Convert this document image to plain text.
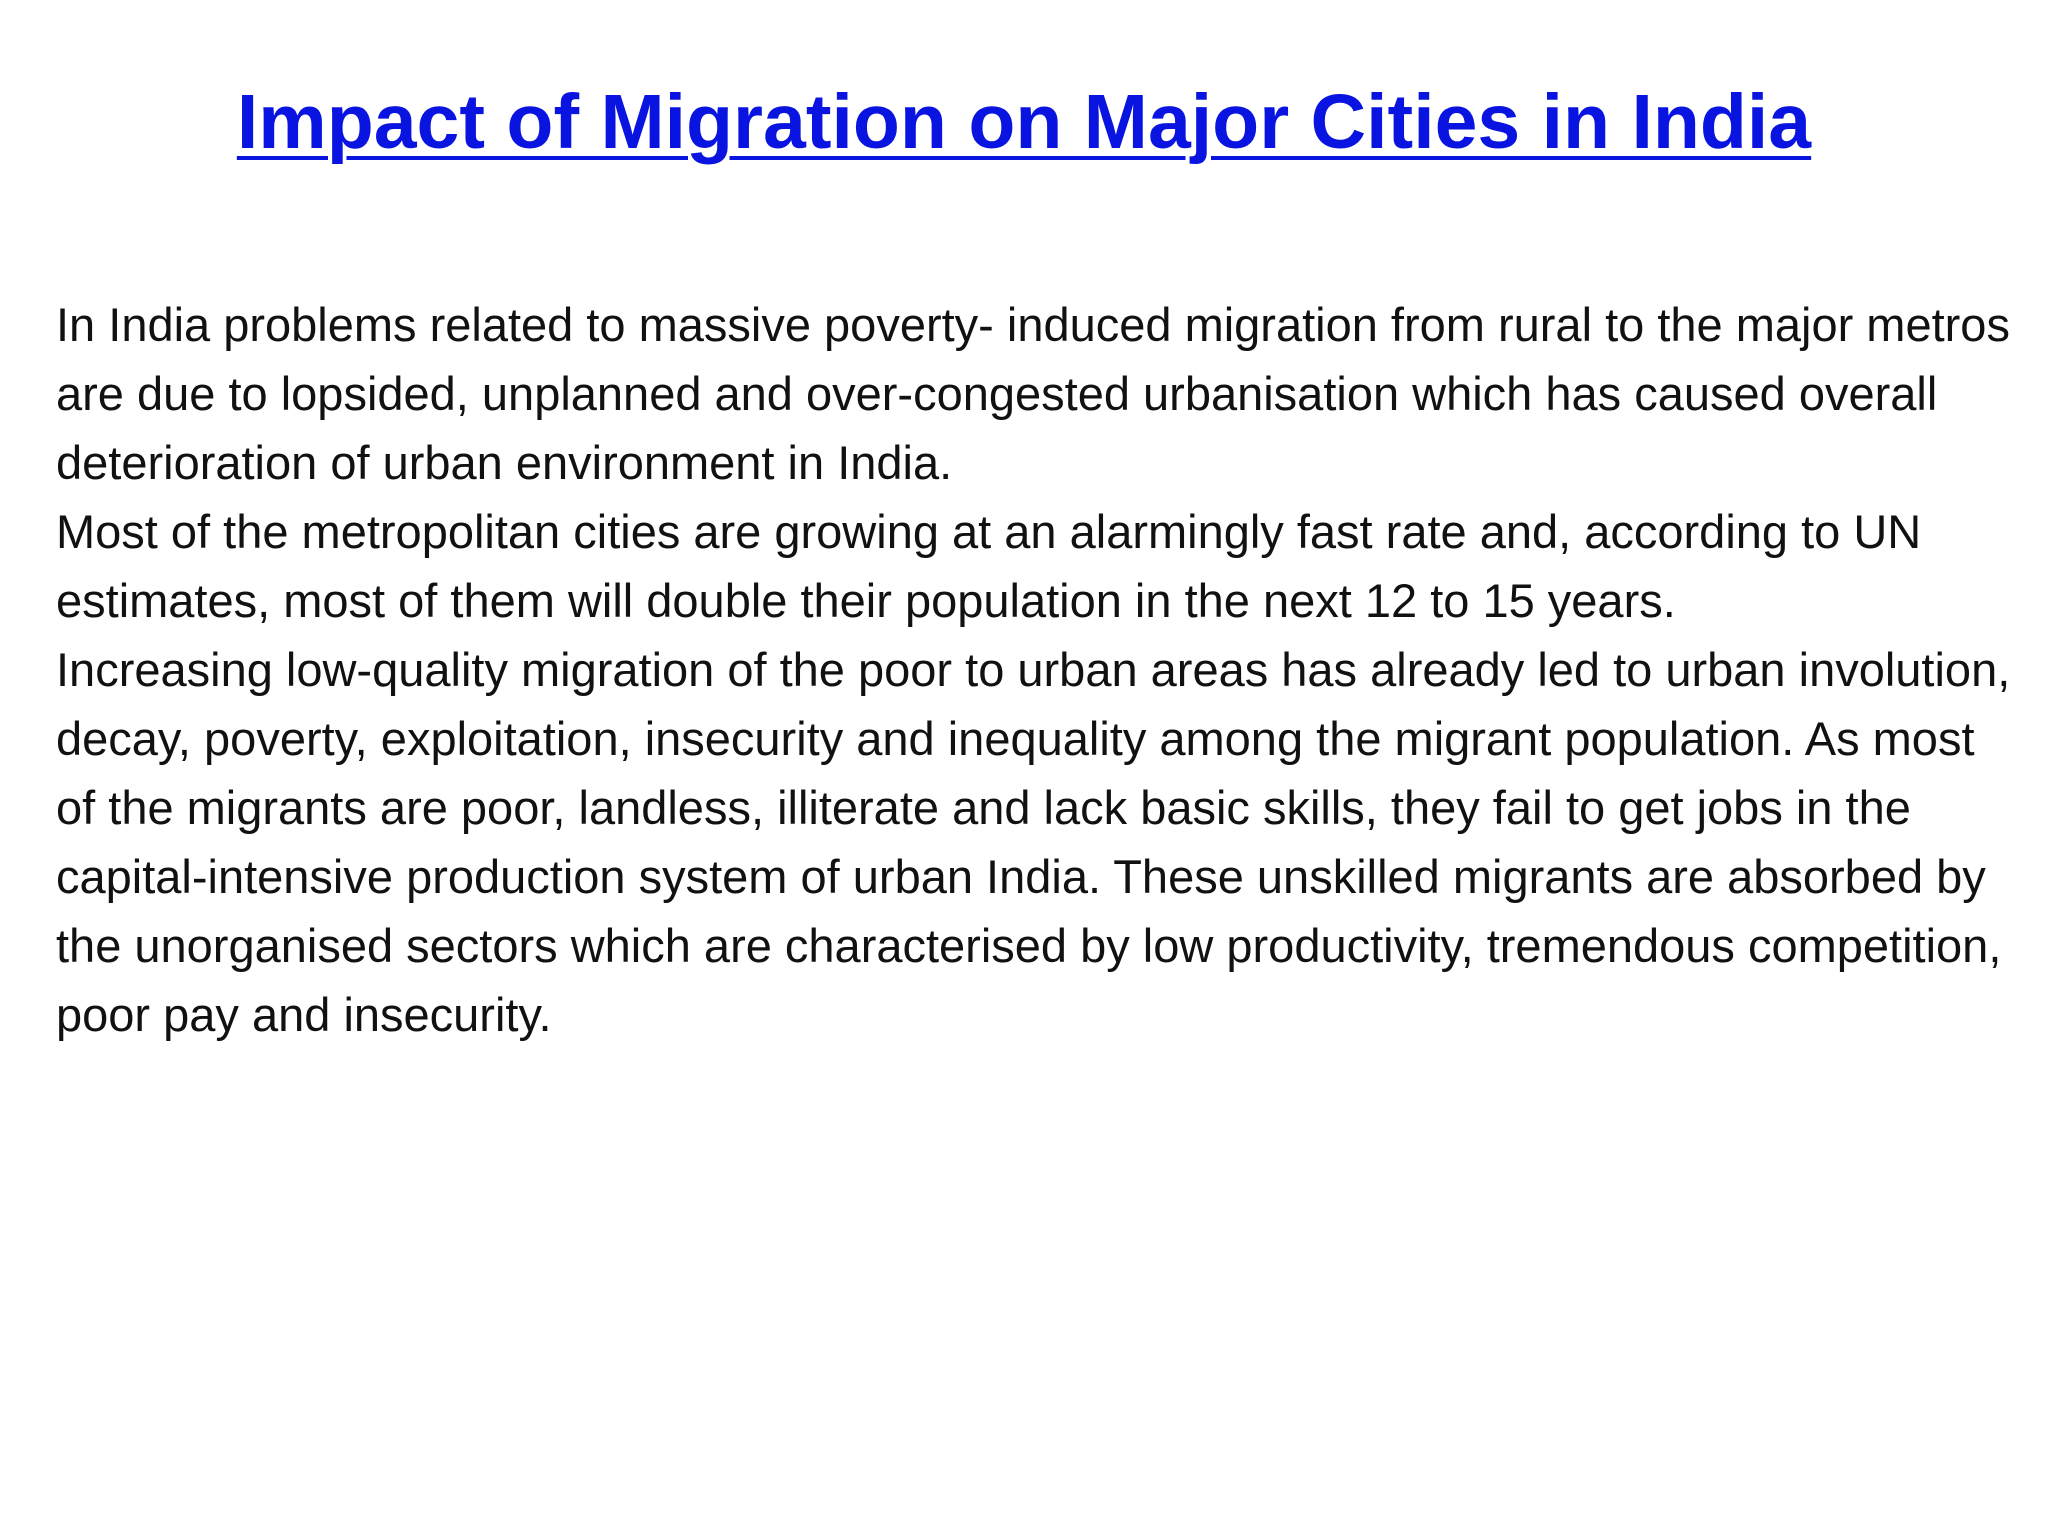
Impact of Migration on Major Cities in India

In India problems related to massive poverty- induced migration from rural to the major metros are due to lopsided, unplanned and over-congested urbanisation which has caused overall deterioration of urban environment in India.

Most of the metropolitan cities are growing at an alarmingly fast rate and, according to UN estimates, most of them will double their population in the next 12 to 15 years.

Increasing low-quality migration of the poor to urban areas has already led to urban involution, decay, poverty, exploitation, insecurity and inequality among the migrant population. As most of the migrants are poor, landless, illiterate and lack basic skills, they fail to get jobs in the capital-intensive production system of urban India. These unskilled migrants are absorbed by the unorganised sectors which are characterised by low productivity, tremendous competition, poor pay and insecurity.
